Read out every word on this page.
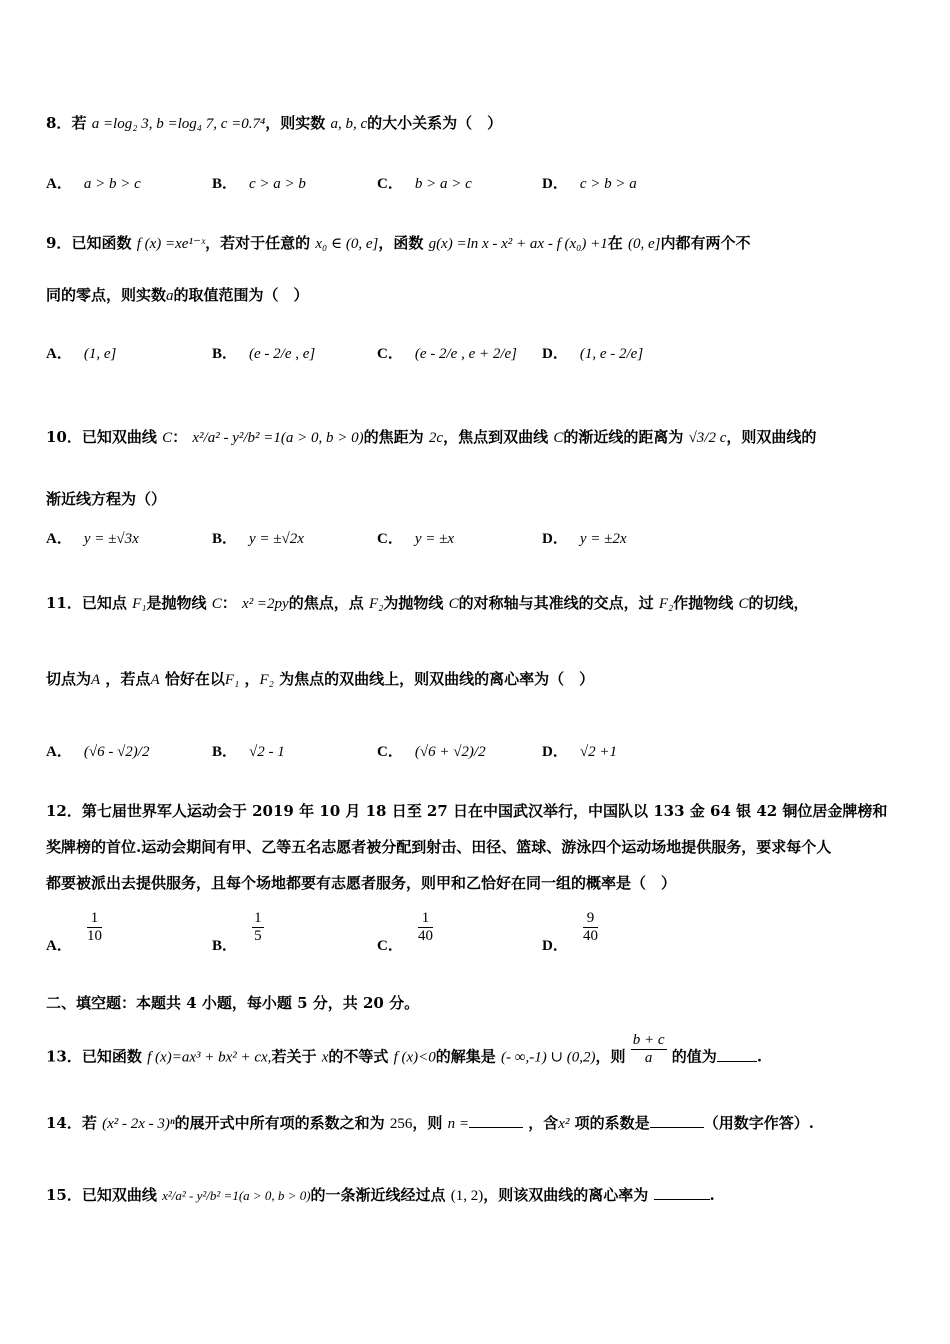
8．若 a =log₂ 3, b =log₄ 7, c =0.7⁴，则实数 a, b, c的大小关系为（　）
A． a > b > c	B． c > a > b	C． b > a > c	D． c > b > a
9．已知函数 f (x) =xe¹⁻ˣ，若对于任意的 x₀ ∈ (0, e]，函数 g(x) =ln x - x² + ax - f (x₀) +1在 (0, e]内都有两个不
同的零点，则实数a的取值范围为（　）
A． (1, e]	B． (e - 2/e , e]	C． (e - 2/e , e + 2/e] D． (1, e - 2/e]
10．已知双曲线 C： x²/a² - y²/b² =1(a > 0, b > 0)的焦距为 2c，焦点到双曲线 C的渐近线的距离为 √3/2 c，则双曲线的
渐近线方程为（）
A． y = ±√3x	B． y = ±√2x	C． y = ±x	D． y = ±2x
11．已知点 F₁是抛物线 C： x² =2py的焦点，点 F₂为抛物线 C的对称轴与其准线的交点，过 F₂作抛物线 C的切线，
切点为A ，若点A 恰好在以F₁ ，F₂ 为焦点的双曲线上，则双曲线的离心率为（　）
A． (√6 - √2)/2	B． √2 - 1	C． (√6 + √2)/2	D． √2 +1
12．第七届世界军人运动会于 2019 年 10 月 18 日至 27 日在中国武汉举行，中国队以 133 金 64 银 42 铜位居金牌榜和
奖牌榜的首位.运动会期间有甲、乙等五名志愿者被分配到射击、田径、篮球、游泳四个运动场地提供服务，要求每个人
都要被派出去提供服务，且每个场地都要有志愿者服务，则甲和乙恰好在同一组的概率是（　）
A．
$\frac{1}{10}$
B．
$\frac{1}{5}$
C．
$\frac{1}{40}$
D．
$\frac{9}{40}$
二、填空题：本题共 4 小题，每小题 5 分，共 20 分。
13．已知函数 f (x)=ax³ + bx² + cx,若关于 x的不等式 f (x)<0的解集是 (- ∞,-1) ∪ (0,2)，则 $\frac{b + c}{a}$ 的值为	.
14．若 (x² - 2x - 3)ⁿ的展开式中所有项的系数之和为 256，则 n =	，含x² 项的系数是	（用数字作答）.
15．已知双曲线 x²/a² - y²/b² =1(a > 0, b > 0)的一条渐近线经过点 (1, 2)，则该双曲线的离心率为	.
